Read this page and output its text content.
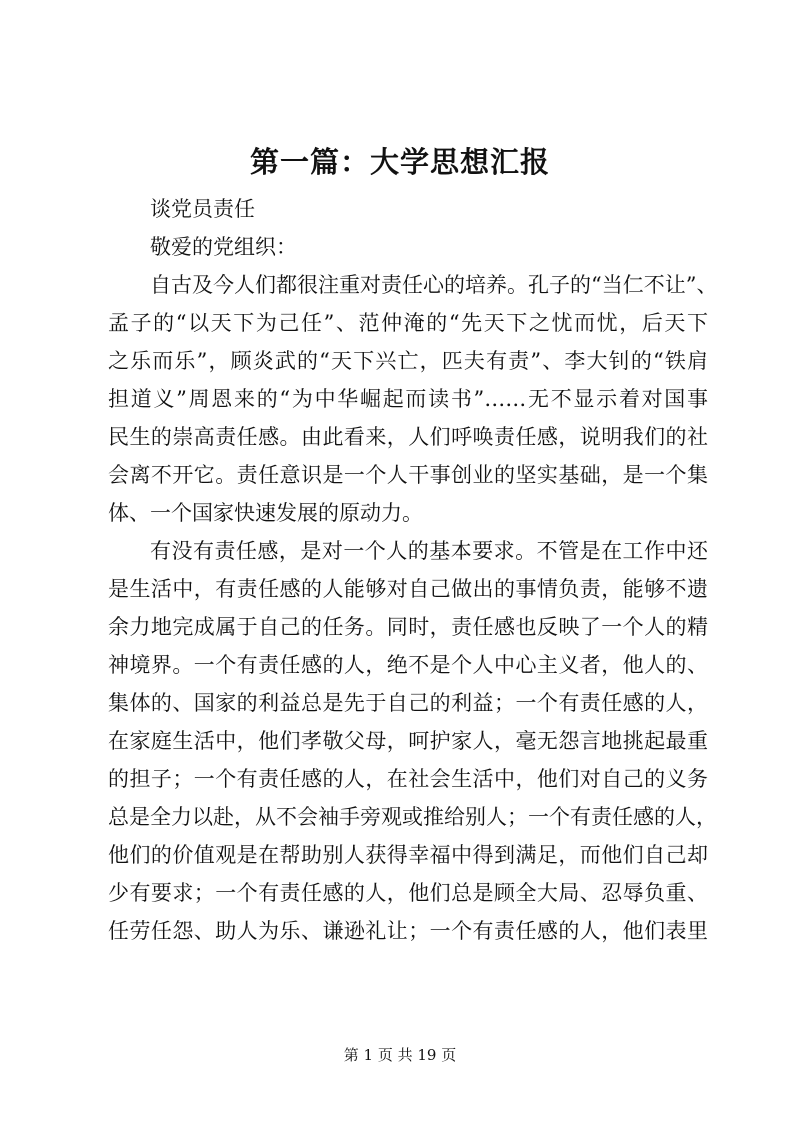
第一篇：大学思想汇报
谈党员责任
敬爱的党组织：
自古及今人们都很注重对责任心的培养。孔子的“当仁不让”、
孟子的“以天下为己任”、范仲淹的“先天下之忧而忧，后天下
之乐而乐”，顾炎武的“天下兴亡，匹夫有责”、李大钊的“铁肩
担道义”周恩来的“为中华崛起而读书”……无不显示着对国事
民生的崇高责任感。由此看来，人们呼唤责任感，说明我们的社
会离不开它。责任意识是一个人干事创业的坚实基础，是一个集
体、一个国家快速发展的原动力。
有没有责任感，是对一个人的基本要求。不管是在工作中还
是生活中，有责任感的人能够对自己做出的事情负责，能够不遗
余力地完成属于自己的任务。同时，责任感也反映了一个人的精
神境界。一个有责任感的人，绝不是个人中心主义者，他人的、
集体的、国家的利益总是先于自己的利益；一个有责任感的人，
在家庭生活中，他们孝敬父母，呵护家人，毫无怨言地挑起最重
的担子；一个有责任感的人，在社会生活中，他们对自己的义务
总是全力以赴，从不会袖手旁观或推给别人；一个有责任感的人，
他们的价值观是在帮助别人获得幸福中得到满足，而他们自己却
少有要求；一个有责任感的人，他们总是顾全大局、忍辱负重、
任劳任怨、助人为乐、谦逊礼让；一个有责任感的人，他们表里
第 1 页 共 19 页
